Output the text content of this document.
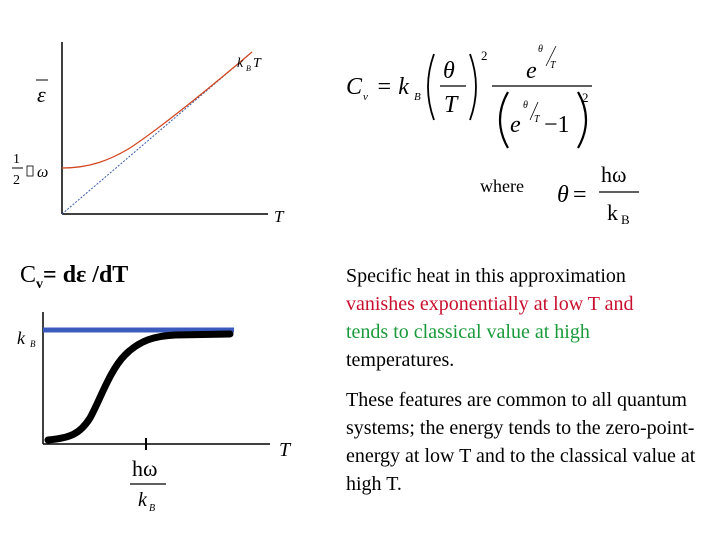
ε
1
2 ω
T
k B T
C v = k B
θ
T
2
e
θ
T
e
θ
T −1
2
where θ =
hω
k B
$C_v= d\varepsilon$ /dT
k B
T
hω
k B

Specific heat in this approximation
vanishes exponentially at low T and
tends to classical value at high
temperatures.

These features are common to all quantum systems; the energy tends to the zero-point-energy at low T and to the classical value at high T.
